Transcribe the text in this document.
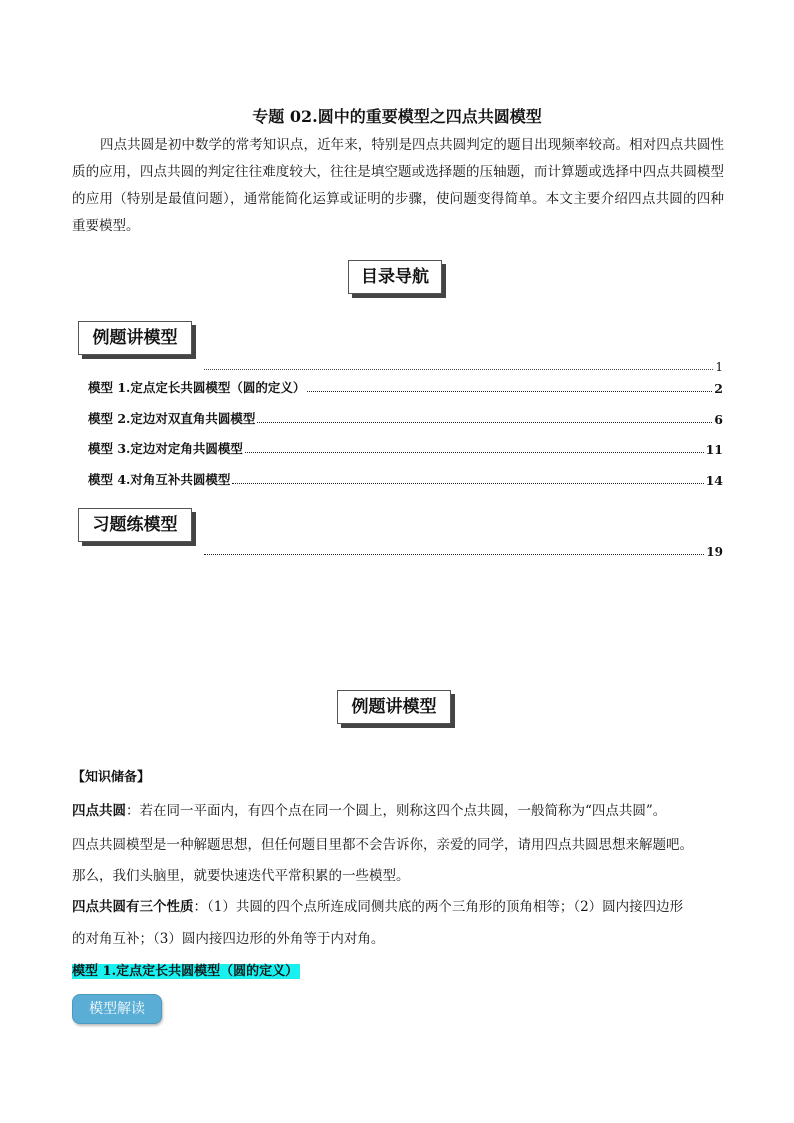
专题 02.圆中的重要模型之四点共圆模型
四点共圆是初中数学的常考知识点，近年来，特别是四点共圆判定的题目出现频率较高。相对四点共圆性质的应用，四点共圆的判定往往难度较大，往往是填空题或选择题的压轴题，而计算题或选择中四点共圆模型的应用（特别是最值问题），通常能简化运算或证明的步骤，使问题变得简单。本文主要介绍四点共圆的四种重要模型。
目录导航
例题讲模型
1
模型 1.定点定长共圆模型（圆的定义）	2
模型 2.定边对双直角共圆模型	6
模型 3.定边对定角共圆模型	11
模型 4.对角互补共圆模型	14
习题练模型
19
例题讲模型
【知识储备】
四点共圆：若在同一平面内，有四个点在同一个圆上，则称这四个点共圆，一般简称为“四点共圆”。
四点共圆模型是一种解题思想，但任何题目里都不会告诉你，亲爱的同学，请用四点共圆思想来解题吧。
那么，我们头脑里，就要快速迭代平常积累的一些模型。
四点共圆有三个性质：（1）共圆的四个点所连成同侧共底的两个三角形的顶角相等；（2）圆内接四边形
的对角互补；（3）圆内接四边形的外角等于内对角。
模型 1.定点定长共圆模型（圆的定义）
模型解读
